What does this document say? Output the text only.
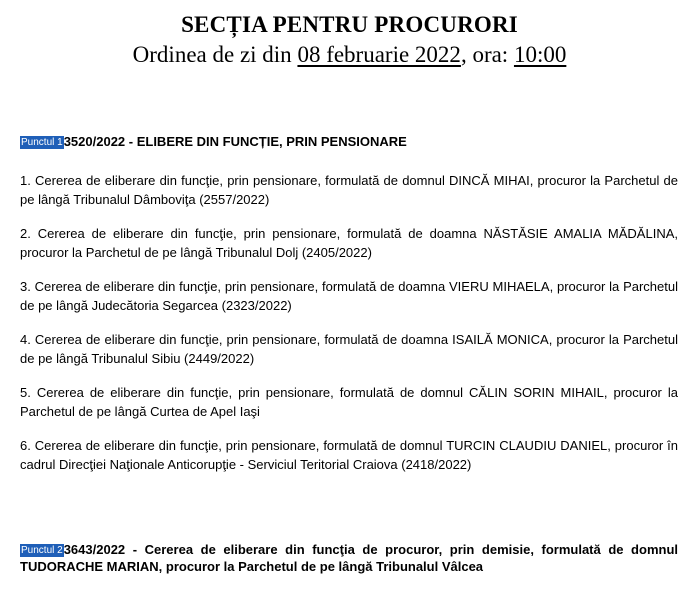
SECȚIA PENTRU PROCURORI
Ordinea de zi din 08 februarie 2022, ora: 10:00
Punctul 13520/2022 - ELIBERE DIN FUNCȚIE, PRIN PENSIONARE
1. Cererea de eliberare din funcţie, prin pensionare, formulată de domnul DINCĂ MIHAI, procuror la Parchetul de pe lângă Tribunalul Dâmboviţa (2557/2022)
2. Cererea de eliberare din funcţie, prin pensionare, formulată de doamna NĂSTĂSIE AMALIA MĂDĂLINA, procuror la Parchetul de pe lângă Tribunalul Dolj (2405/2022)
3. Cererea de eliberare din funcţie, prin pensionare, formulată de doamna VIERU MIHAELA, procuror la Parchetul de pe lângă Judecătoria Segarcea (2323/2022)
4. Cererea de eliberare din funcţie, prin pensionare, formulată de doamna ISAILĂ MONICA, procuror la Parchetul de pe lângă Tribunalul Sibiu (2449/2022)
5. Cererea de eliberare din funcţie, prin pensionare, formulată de domnul CĂLIN SORIN MIHAIL, procuror la Parchetul de pe lângă Curtea de Apel Iaşi
6. Cererea de eliberare din funcţie, prin pensionare, formulată de domnul TURCIN CLAUDIU DANIEL, procuror în cadrul Direcţiei Naţionale Anticorupţie - Serviciul Teritorial Craiova (2418/2022)
Punctul 23643/2022 - Cererea de eliberare din funcţia de procuror, prin demisie, formulată de domnul TUDORACHE MARIAN, procuror la Parchetul de pe lângă Tribunalul Vâlcea
